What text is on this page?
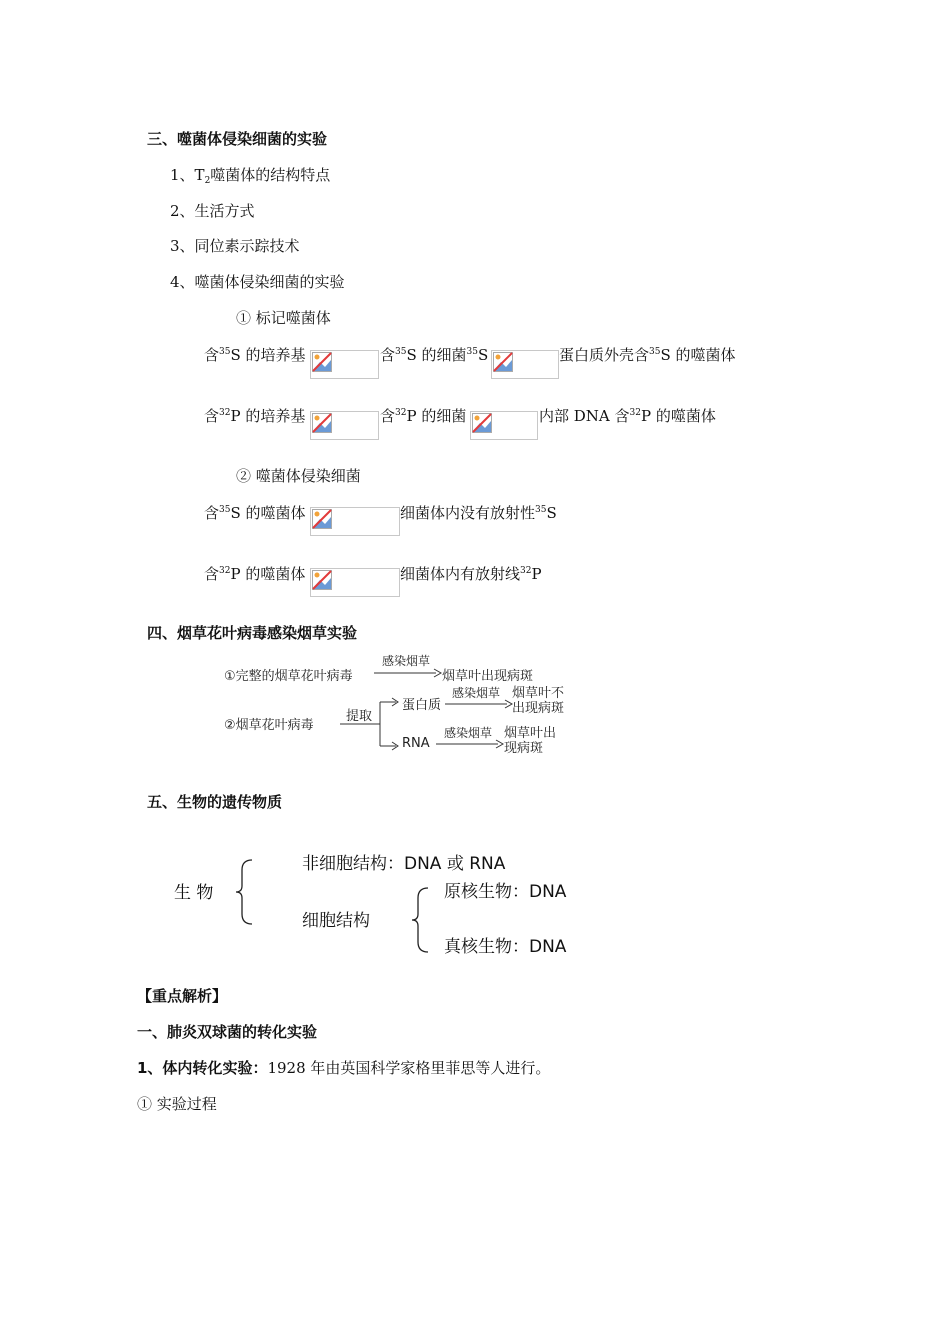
三、噬菌体侵染细菌的实验
1、$T_2$噬菌体的结构特点
2、生活方式
3、同位素示踪技术
4、噬菌体侵染细菌的实验
① 标记噬菌体
含$^{35}$S 的培养基	含$^{35}$S 的细菌$^{35}$S	蛋白质外壳含$^{35}$S 的噬菌体
含$^{32}$P 的培养基	含$^{32}$P 的细菌	内部 DNA 含$^{32}$P 的噬菌体
② 噬菌体侵染细菌
含$^{35}$S 的噬菌体	细菌体内没有放射性$^{35}$S
含$^{32}$P 的噬菌体	细菌体内有放射线$^{32}$P
四、烟草花叶病毒感染烟草实验
①完整的烟草花叶病毒
感染烟草
烟草叶出现病斑
②烟草花叶病毒
提取
蛋白质
感染烟草 烟草叶不
出现病斑
RNA
感染烟草 烟草叶出
现病斑
五、生物的遗传物质
生 物
非细胞结构：DNA 或 RNA
细胞结构
原核生物：DNA
真核生物：DNA
【重点解析】
一、肺炎双球菌的转化实验
1、体内转化实验：1928 年由英国科学家格里菲思等人进行。
① 实验过程
